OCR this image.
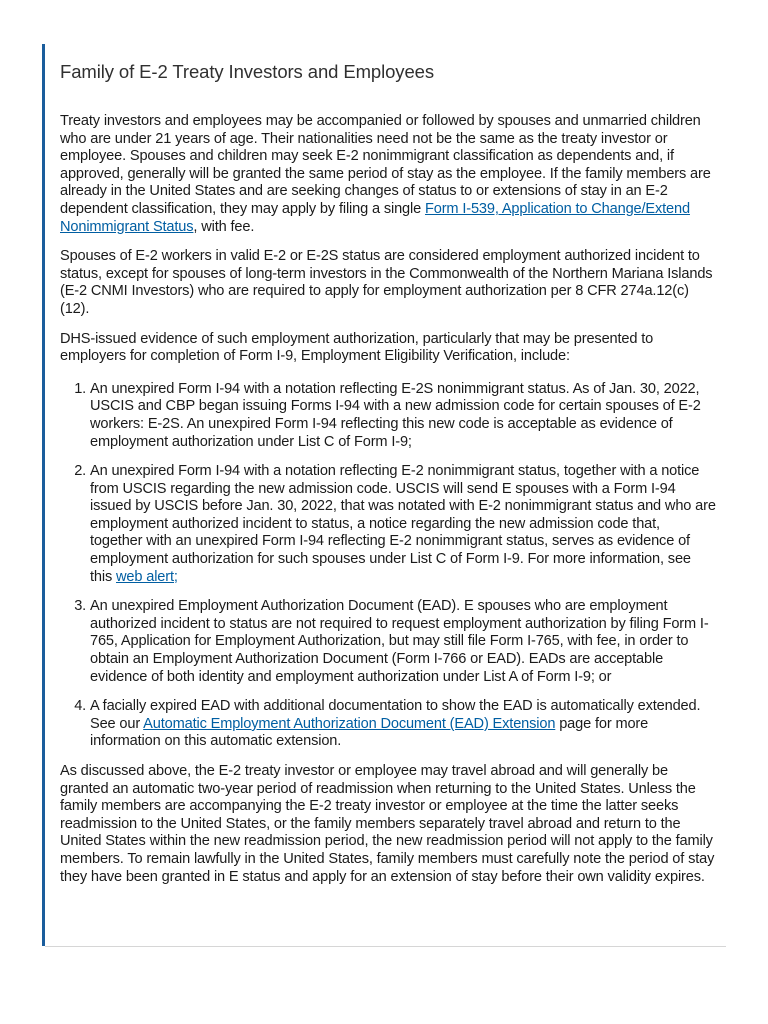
Family of E-2 Treaty Investors and Employees

Treaty investors and employees may be accompanied or followed by spouses and unmarried children who are under 21 years of age. Their nationalities need not be the same as the treaty investor or employee. Spouses and children may seek E-2 nonimmigrant classification as dependents and, if approved, generally will be granted the same period of stay as the employee. If the family members are already in the United States and are seeking changes of status to or extensions of stay in an E-2 dependent classification, they may apply by filing a single Form I-539, Application to Change/Extend Nonimmigrant Status, with fee.

Spouses of E-2 workers in valid E-2 or E-2S status are considered employment authorized incident to status, except for spouses of long-term investors in the Commonwealth of the Northern Mariana Islands (E-2 CNMI Investors) who are required to apply for employment authorization per 8 CFR 274a.12(c)(12).

DHS-issued evidence of such employment authorization, particularly that may be presented to employers for completion of Form I-9, Employment Eligibility Verification, include:

1. An unexpired Form I-94 with a notation reflecting E-2S nonimmigrant status. As of Jan. 30, 2022, USCIS and CBP began issuing Forms I-94 with a new admission code for certain spouses of E-2 workers: E-2S. An unexpired Form I-94 reflecting this new code is acceptable as evidence of employment authorization under List C of Form I-9;
2. An unexpired Form I-94 with a notation reflecting E-2 nonimmigrant status, together with a notice from USCIS regarding the new admission code. USCIS will send E spouses with a Form I-94 issued by USCIS before Jan. 30, 2022, that was notated with E-2 nonimmigrant status and who are employment authorized incident to status, a notice regarding the new admission code that, together with an unexpired Form I-94 reflecting E-2 nonimmigrant status, serves as evidence of employment authorization for such spouses under List C of Form I-9. For more information, see this web alert;
3. An unexpired Employment Authorization Document (EAD). E spouses who are employment authorized incident to status are not required to request employment authorization by filing Form I-765, Application for Employment Authorization, but may still file Form I-765, with fee, in order to obtain an Employment Authorization Document (Form I-766 or EAD). EADs are acceptable evidence of both identity and employment authorization under List A of Form I-9; or
4. A facially expired EAD with additional documentation to show the EAD is automatically extended. See our Automatic Employment Authorization Document (EAD) Extension page for more information on this automatic extension.

As discussed above, the E-2 treaty investor or employee may travel abroad and will generally be granted an automatic two-year period of readmission when returning to the United States. Unless the family members are accompanying the E-2 treaty investor or employee at the time the latter seeks readmission to the United States, or the family members separately travel abroad and return to the United States within the new readmission period, the new readmission period will not apply to the family members. To remain lawfully in the United States, family members must carefully note the period of stay they have been granted in E status and apply for an extension of stay before their own validity expires.
